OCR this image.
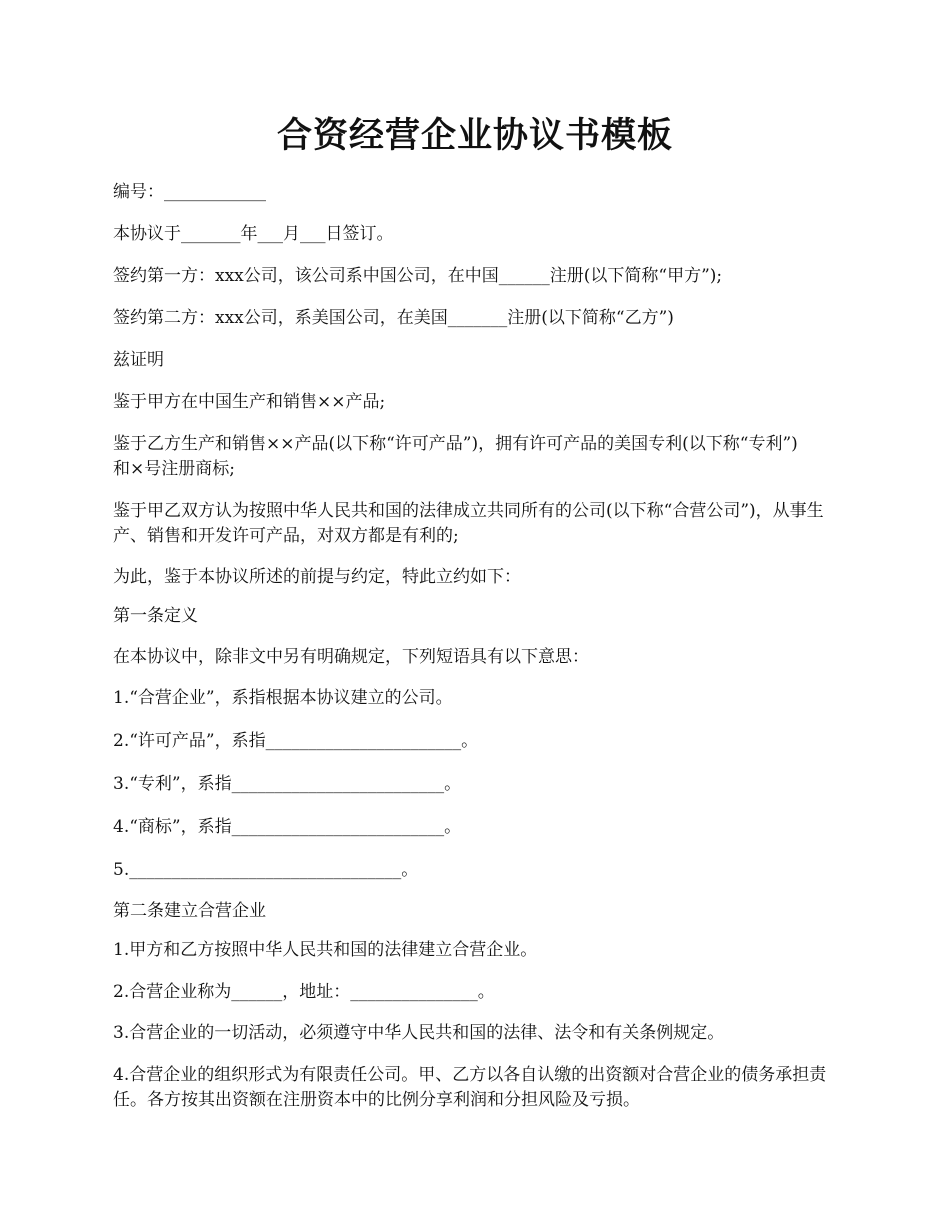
合资经营企业协议书模板
编号：____________
本协议于_______年___月___日签订。
签约第一方：xxx公司，该公司系中国公司，在中国______注册(以下简称“甲方”);
签约第二方：xxx公司，系美国公司，在美国_______注册(以下简称“乙方”)
兹证明
鉴于甲方在中国生产和销售××产品;
鉴于乙方生产和销售××产品(以下称“许可产品”)，拥有许可产品的美国专利(以下称“专利”)和×号注册商标;
鉴于甲乙双方认为按照中华人民共和国的法律成立共同所有的公司(以下称“合营公司”)，从事生产、销售和开发许可产品，对双方都是有利的;
为此，鉴于本协议所述的前提与约定，特此立约如下：
第一条定义
在本协议中，除非文中另有明确规定，下列短语具有以下意思：
1.“合营企业”，系指根据本协议建立的公司。
2.“许可产品”，系指_______________________。
3.“专利”，系指_________________________。
4.“商标”，系指_________________________。
5.________________________________。
第二条建立合营企业
1.甲方和乙方按照中华人民共和国的法律建立合营企业。
2.合营企业称为______，地址：_______________。
3.合营企业的一切活动，必须遵守中华人民共和国的法律、法令和有关条例规定。
4.合营企业的组织形式为有限责任公司。甲、乙方以各自认缴的出资额对合营企业的债务承担责任。各方按其出资额在注册资本中的比例分享利润和分担风险及亏损。
